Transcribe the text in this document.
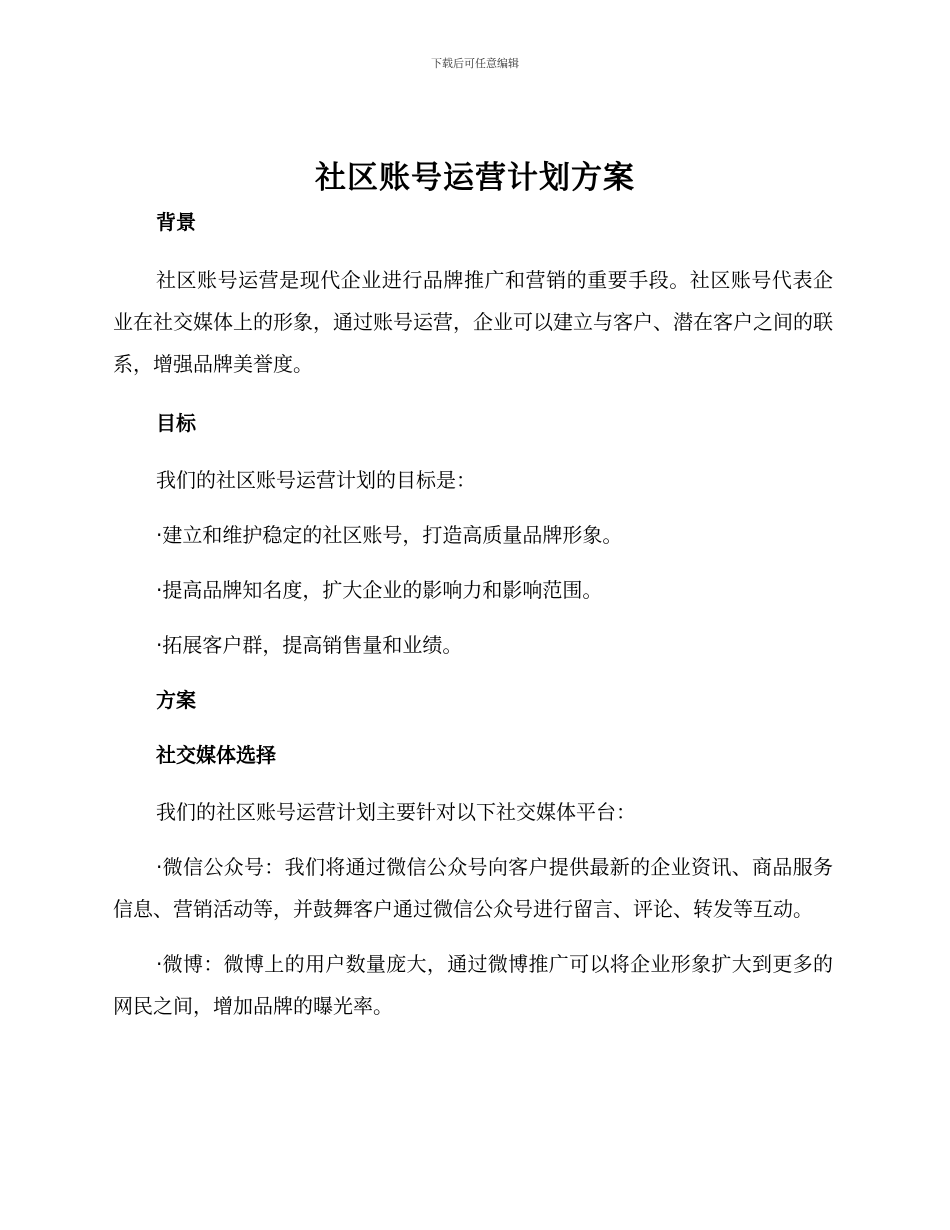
下载后可任意编辑
社区账号运营计划方案
背景

社区账号运营是现代企业进行品牌推广和营销的重要手段。社区账号代表企业在社交媒体上的形象，通过账号运营，企业可以建立与客户、潜在客户之间的联系，增强品牌美誉度。

目标

我们的社区账号运营计划的目标是：

·建立和维护稳定的社区账号，打造高质量品牌形象。

·提高品牌知名度，扩大企业的影响力和影响范围。

·拓展客户群，提高销售量和业绩。

方案
社交媒体选择

我们的社区账号运营计划主要针对以下社交媒体平台：

·微信公众号：我们将通过微信公众号向客户提供最新的企业资讯、商品服务信息、营销活动等，并鼓舞客户通过微信公众号进行留言、评论、转发等互动。

·微博：微博上的用户数量庞大，通过微博推广可以将企业形象扩大到更多的网民之间，增加品牌的曝光率。
